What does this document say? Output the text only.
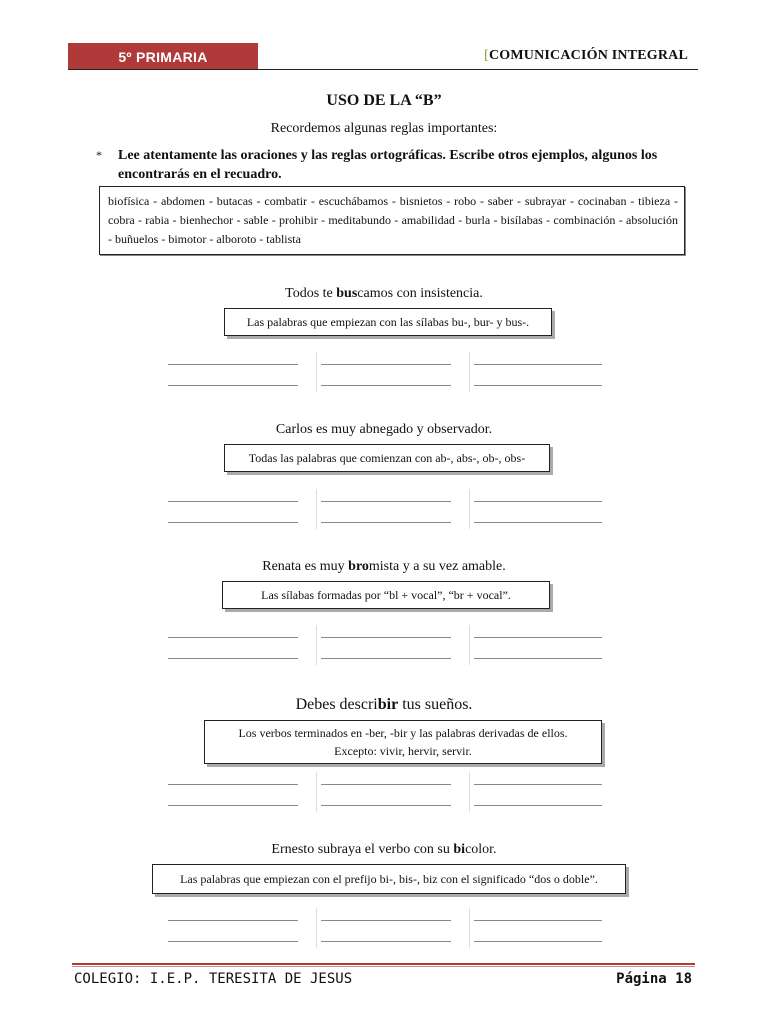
5º PRIMARIA	[COMUNICACIÓN INTEGRAL
USO DE LA “B”
Recordemos algunas reglas importantes:
*	Lee atentamente las oraciones y las reglas ortográficas. Escribe otros ejemplos, algunos los encontrarás en el recuadro.
biofísica - abdomen - butacas - combatir - escuchábamos - bisnietos - robo - saber - subrayar - cocinaban - tibieza - cobra - rabia - bienhechor - sable - prohibir - meditabundo - amabilidad - burla - bisílabas - combinación - absolución - buñuelos - bimotor - alboroto - tablista
Todos te buscamos con insistencia.
Las palabras que empiezan con las sílabas bu-, bur- y bus-.
Carlos es muy abnegado y observador.
Todas las palabras que comienzan con ab-, abs-, ob-, obs-
Renata es muy bromista y a su vez amable.
Las sílabas formadas por “bl + vocal”, “br + vocal”.
Debes describir tus sueños.
Los verbos terminados en -ber, -bir y las palabras derivadas de ellos.
Excepto: vivir, hervir, servir.
Ernesto subraya el verbo con su bicolor.
Las palabras que empiezan con el prefijo bi-, bis-, biz con el significado “dos o doble”.
COLEGIO: I.E.P. TERESITA DE JESUS	Página 18
